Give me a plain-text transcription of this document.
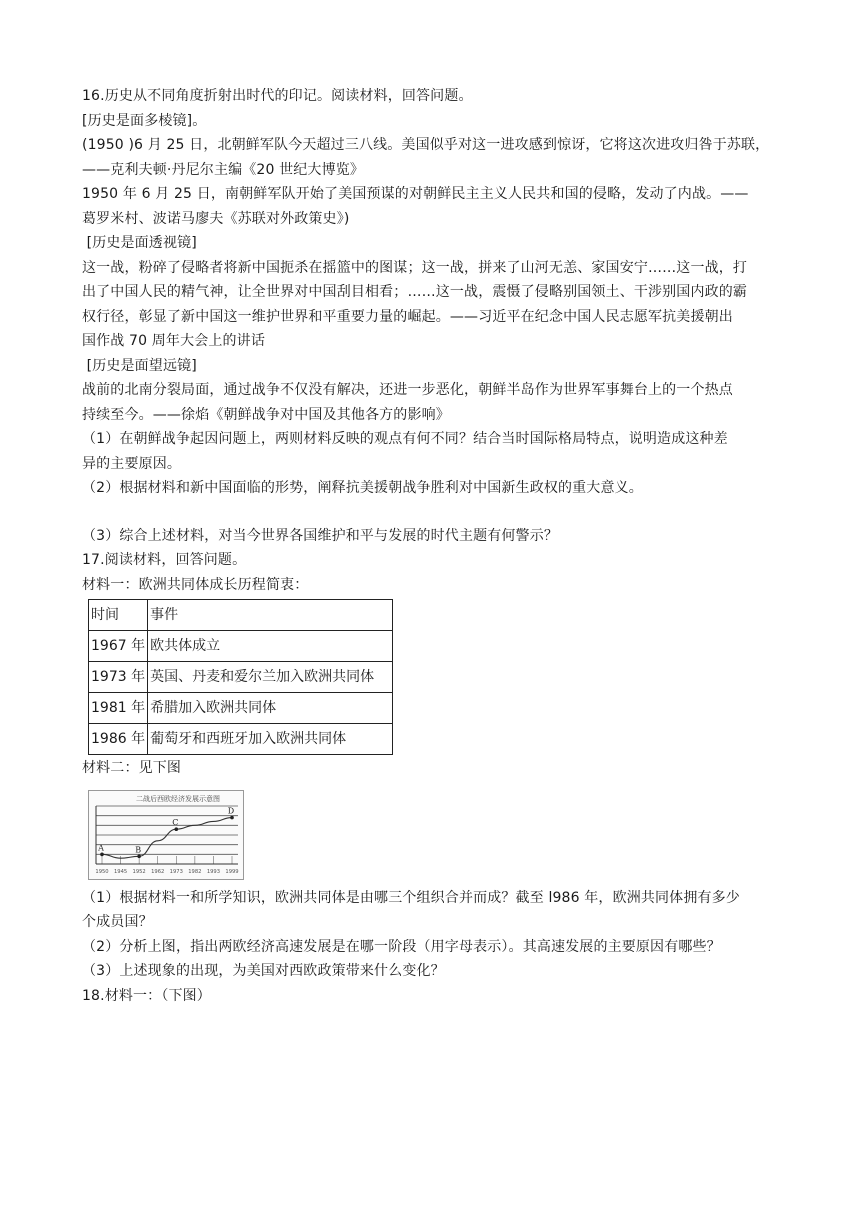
16.历史从不同角度折射出时代的印记。阅读材料，回答问题。
[历史是面多棱镜]。
(1950 )6 月 25 日，北朝鲜军队今天超过三八线。美国似乎对这一进攻感到惊讶，它将这次进攻归咎于苏联，
——克利夫顿·丹尼尔主编《20 世纪大博览》
1950 年 6 月 25 日，南朝鲜军队开始了美国预谋的对朝鲜民主主义人民共和国的侵略，发动了内战。——
葛罗米村、波诺马廖夫《苏联对外政策史》)
[历史是面透视镜]
这一战，粉碎了侵略者将新中国扼杀在摇篮中的图谋；这一战，拼来了山河无恙、家国安宁……这一战，打
出了中国人民的精气神，让全世界对中国刮目相看；……这一战，震慑了侵略别国领土、干涉别国内政的霸
权行径，彰显了新中国这一维护世界和平重要力量的崛起。——习近平在纪念中国人民志愿军抗美援朝出
国作战 70 周年大会上的讲话
[历史是面望远镜]
战前的北南分裂局面，通过战争不仅没有解决，还进一步恶化，朝鲜半岛作为世界军事舞台上的一个热点
持续至今。——徐焰《朝鲜战争对中国及其他各方的影响》
（1）在朝鲜战争起因问题上，两则材料反映的观点有何不同？结合当时国际格局特点，说明造成这种差
异的主要原因。
（2）根据材料和新中国面临的形势，阐释抗美援朝战争胜利对中国新生政权的重大意义。
（3）综合上述材料，对当今世界各国维护和平与发展的时代主题有何警示？
17.阅读材料，回答问题。
材料一：欧洲共同体成长历程简衷：
时间	事件
1967 年	欧共体成立
1973 年	英国、丹麦和爱尔兰加入欧洲共同体
1981 年	希腊加入欧洲共同体
1986 年	葡萄牙和西班牙加入欧洲共同体
材料二：见下图
二战后西欧经济发展示意图
1950 1945 1952 1962 1973 1982 1993 1999
A	B
C
D
（1）根据材料一和所学知识，欧洲共同体是由哪三个组织合并而成？截至 l986 年，欧洲共同体拥有多少
个成员国？
（2）分析上图，指出两欧经济高速发展是在哪一阶段（用字母表示）。其高速发展的主要原因有哪些？
（3）上述现象的出现，为美国对西欧政策带来什么变化？
18.材料一：（下图）
